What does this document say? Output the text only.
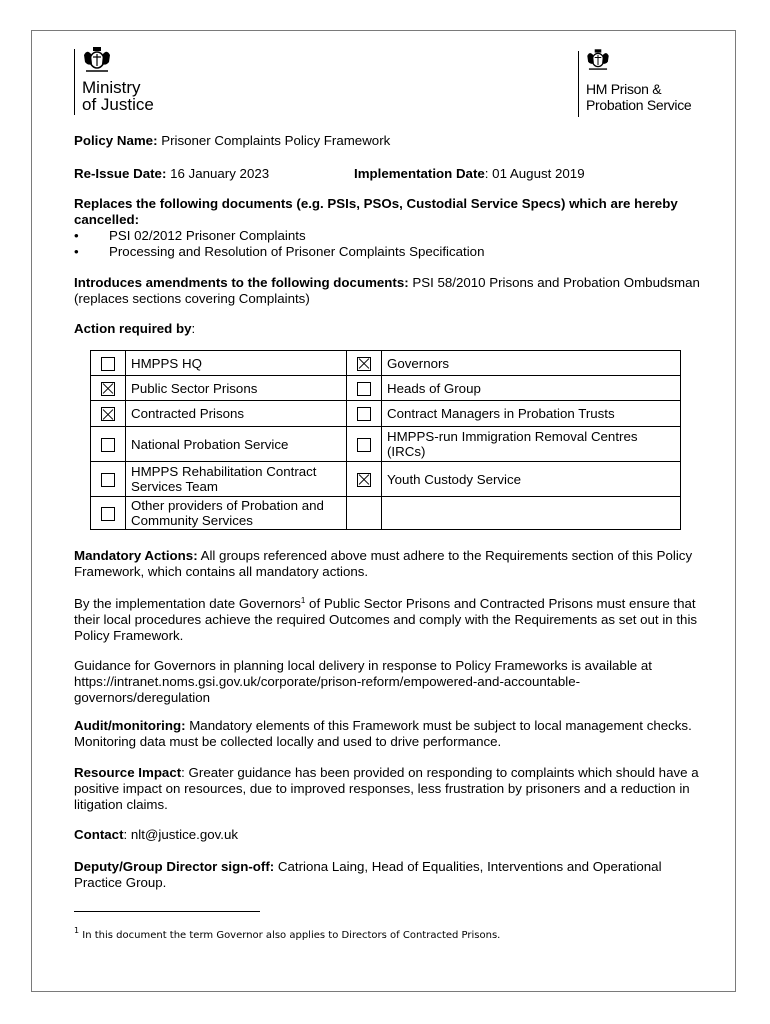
Ministry
of Justice
HM Prison &
Probation Service
Policy Name: Prisoner Complaints Policy Framework
Re-Issue Date: 16 January 2023	Implementation Date: 01 August 2019
Replaces the following documents (e.g. PSIs, PSOs, Custodial Service Specs) which are hereby cancelled:
• PSI 02/2012 Prisoner Complaints
• Processing and Resolution of Prisoner Complaints Specification
Introduces amendments to the following documents: PSI 58/2010 Prisons and Probation Ombudsman (replaces sections covering Complaints)
Action required by:
	HMPPS HQ		Governors
	Public Sector Prisons		Heads of Group
	Contracted Prisons		Contract Managers in Probation Trusts
	National Probation Service		HMPPS-run Immigration Removal Centres (IRCs)
	HMPPS Rehabilitation Contract Services Team		Youth Custody Service
	Other providers of Probation and Community Services		
Mandatory Actions: All groups referenced above must adhere to the Requirements section of this Policy Framework, which contains all mandatory actions.
By the implementation date Governors$^1$ of Public Sector Prisons and Contracted Prisons must ensure that their local procedures achieve the required Outcomes and comply with the Requirements as set out in this Policy Framework.
Guidance for Governors in planning local delivery in response to Policy Frameworks is available at https://intranet.noms.gsi.gov.uk/corporate/prison-reform/empowered-and-accountable-governors/deregulation
Audit/monitoring: Mandatory elements of this Framework must be subject to local management checks. Monitoring data must be collected locally and used to drive performance.
Resource Impact: Greater guidance has been provided on responding to complaints which should have a positive impact on resources, due to improved responses, less frustration by prisoners and a reduction in litigation claims.
Contact: nlt@justice.gov.uk
Deputy/Group Director sign-off: Catriona Laing, Head of Equalities, Interventions and Operational Practice Group.
$^1$ In this document the term Governor also applies to Directors of Contracted Prisons.
